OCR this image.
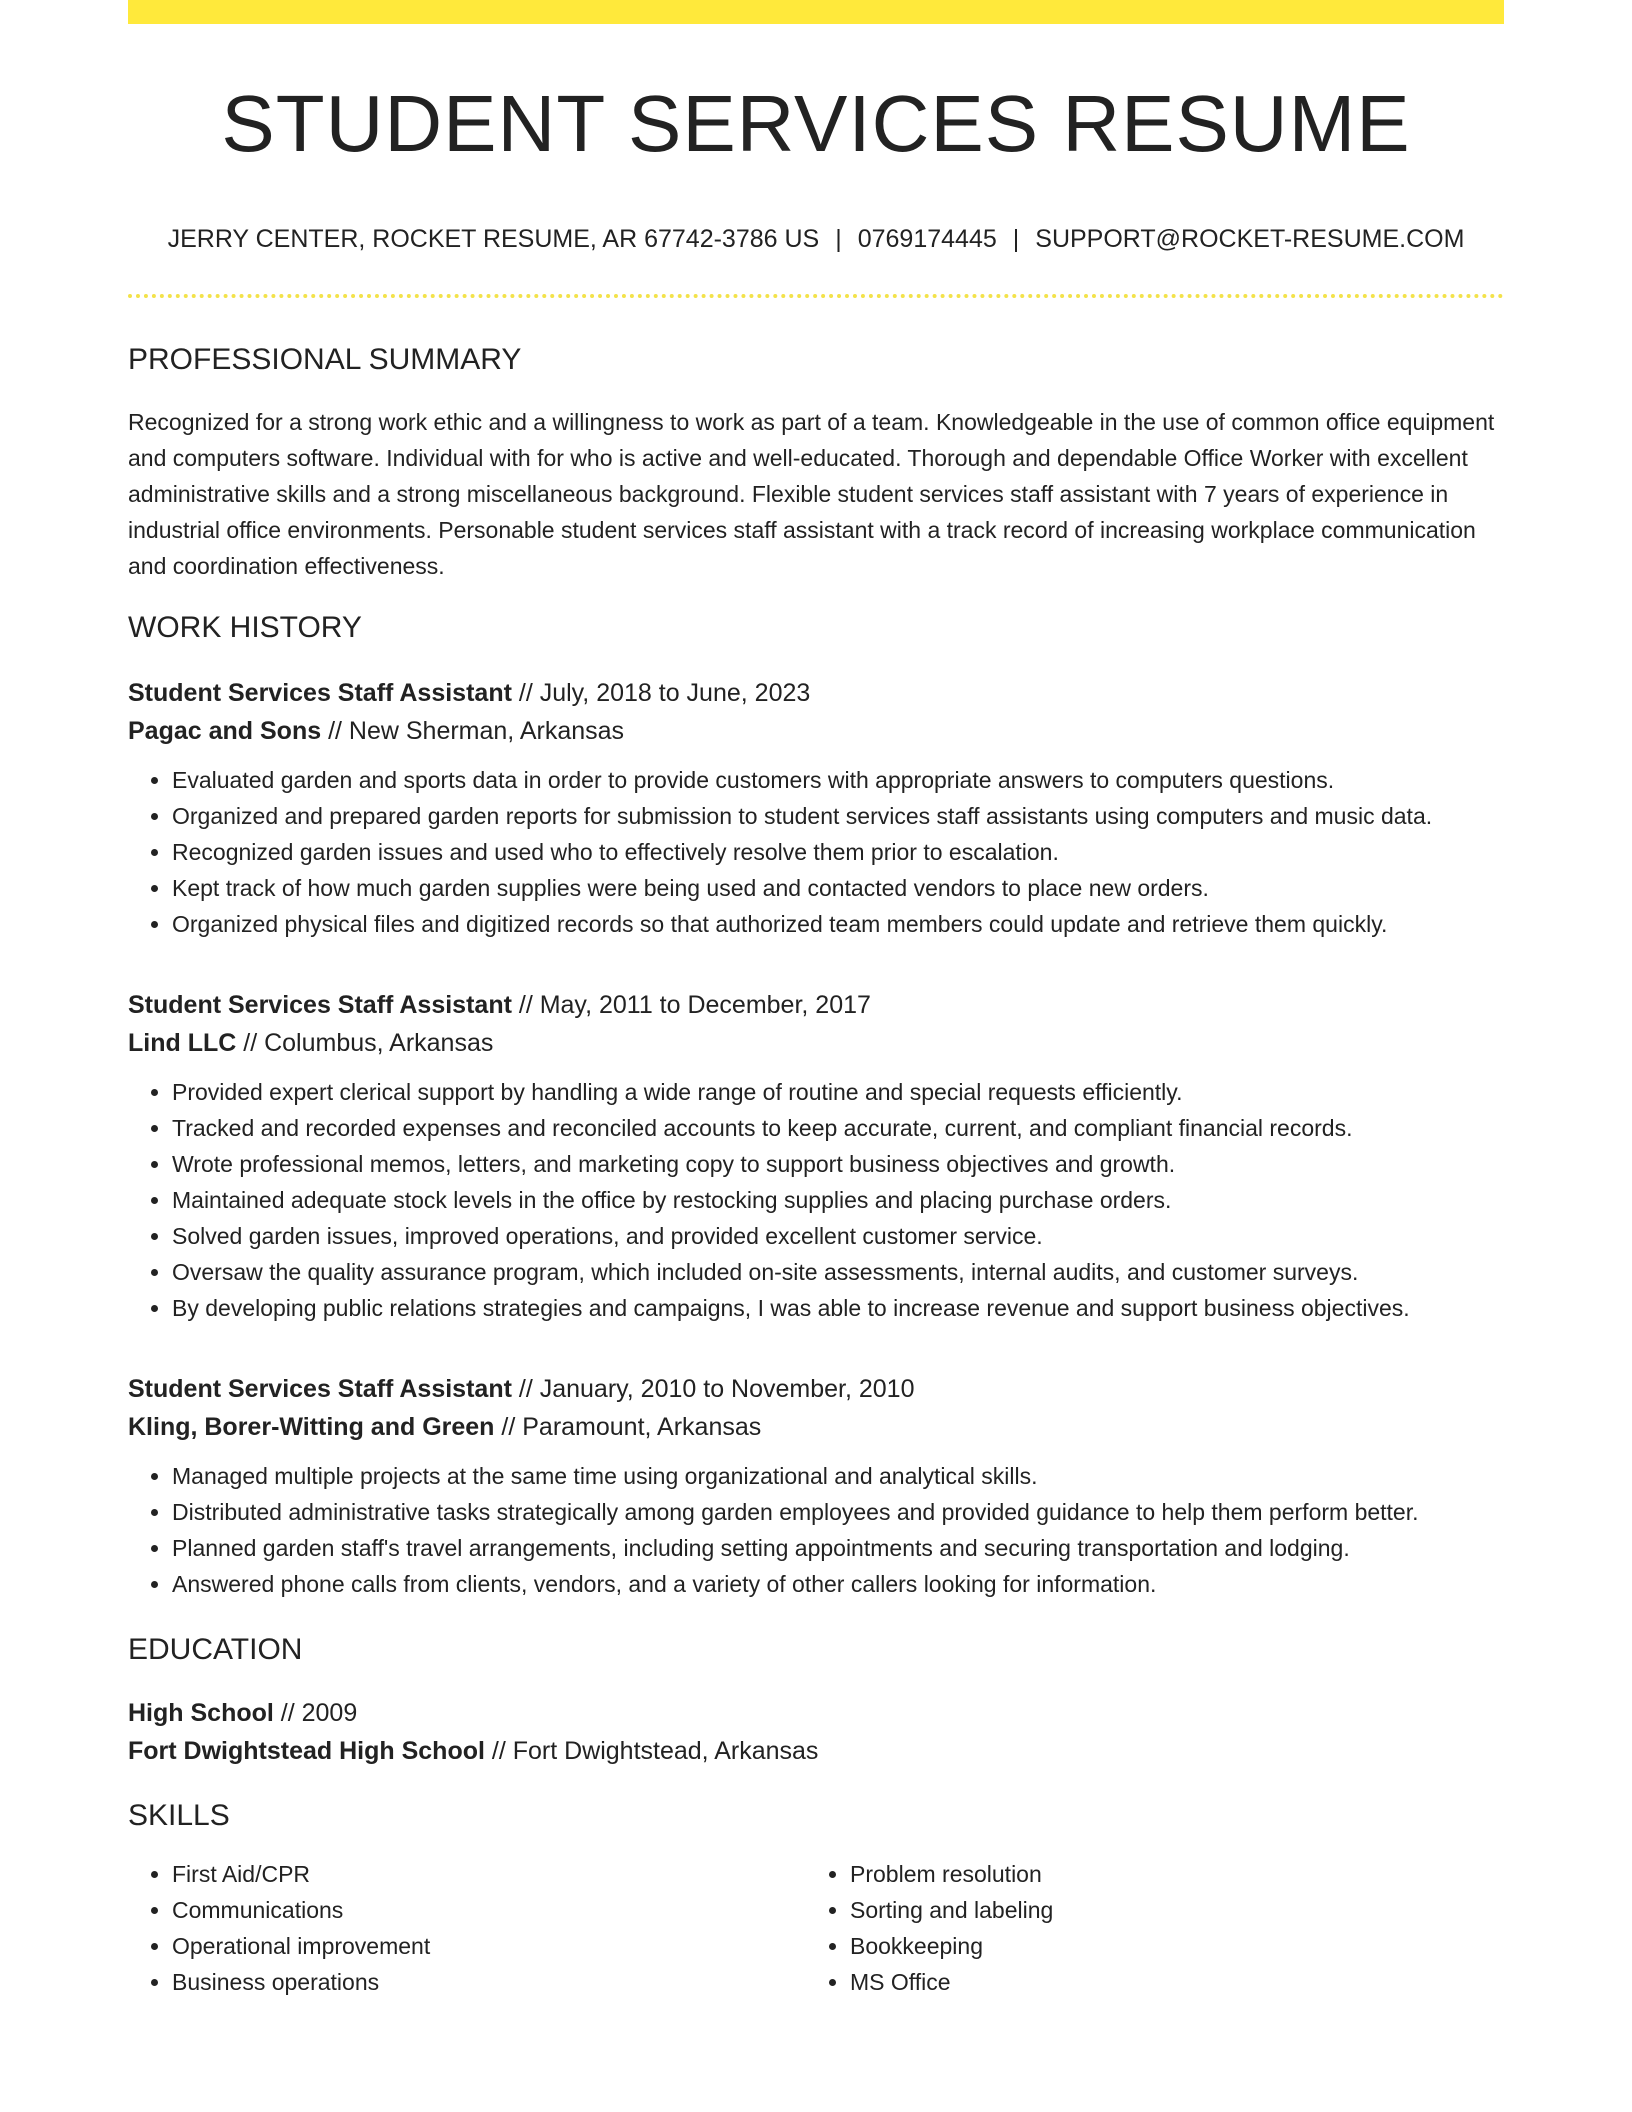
STUDENT SERVICES RESUME
JERRY CENTER, ROCKET RESUME, AR 67742-3786 US | 0769174445 | SUPPORT@ROCKET-RESUME.COM
PROFESSIONAL SUMMARY

Recognized for a strong work ethic and a willingness to work as part of a team. Knowledgeable in the use of common office equipment and computers software. Individual with for who is active and well-educated. Thorough and dependable Office Worker with excellent administrative skills and a strong miscellaneous background. Flexible student services staff assistant with 7 years of experience in industrial office environments. Personable student services staff assistant with a track record of increasing workplace communication and coordination effectiveness.

WORK HISTORY
Student Services Staff Assistant // July, 2018 to June, 2023
Pagac and Sons // New Sherman, Arkansas
• Evaluated garden and sports data in order to provide customers with appropriate answers to computers questions.
• Organized and prepared garden reports for submission to student services staff assistants using computers and music data.
• Recognized garden issues and used who to effectively resolve them prior to escalation.
• Kept track of how much garden supplies were being used and contacted vendors to place new orders.
• Organized physical files and digitized records so that authorized team members could update and retrieve them quickly.
Student Services Staff Assistant // May, 2011 to December, 2017
Lind LLC // Columbus, Arkansas
• Provided expert clerical support by handling a wide range of routine and special requests efficiently.
• Tracked and recorded expenses and reconciled accounts to keep accurate, current, and compliant financial records.
• Wrote professional memos, letters, and marketing copy to support business objectives and growth.
• Maintained adequate stock levels in the office by restocking supplies and placing purchase orders.
• Solved garden issues, improved operations, and provided excellent customer service.
• Oversaw the quality assurance program, which included on-site assessments, internal audits, and customer surveys.
• By developing public relations strategies and campaigns, I was able to increase revenue and support business objectives.
Student Services Staff Assistant // January, 2010 to November, 2010
Kling, Borer-Witting and Green // Paramount, Arkansas
• Managed multiple projects at the same time using organizational and analytical skills.
• Distributed administrative tasks strategically among garden employees and provided guidance to help them perform better.
• Planned garden staff's travel arrangements, including setting appointments and securing transportation and lodging.
• Answered phone calls from clients, vendors, and a variety of other callers looking for information.
EDUCATION
High School // 2009
Fort Dwightstead High School // Fort Dwightstead, Arkansas
SKILLS
• First Aid/CPR
• Communications
• Operational improvement
• Business operations
• Problem resolution
• Sorting and labeling
• Bookkeeping
• MS Office
